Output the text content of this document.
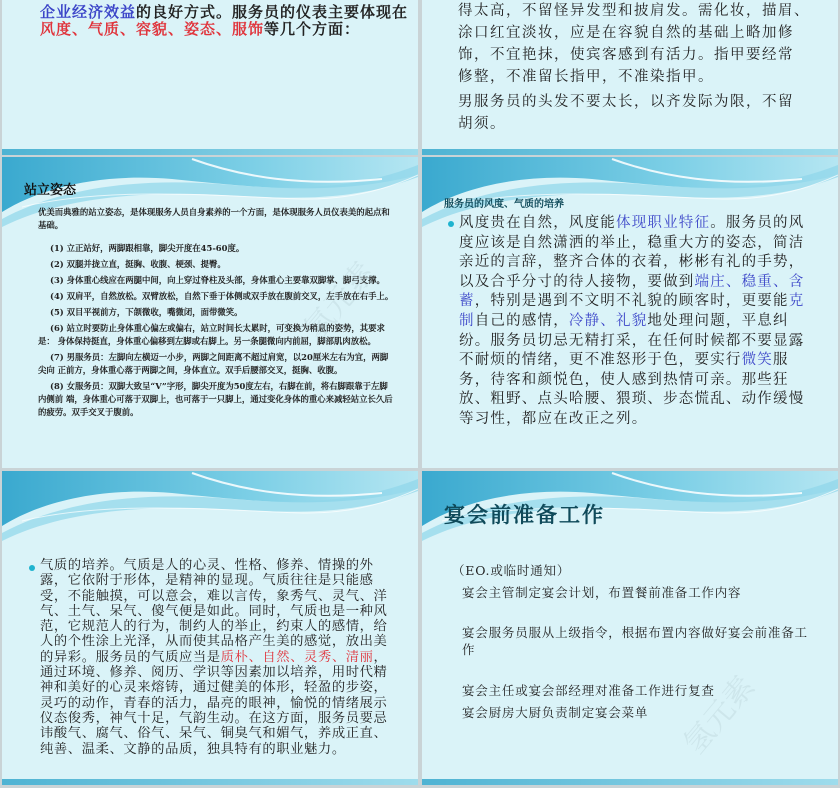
企业经济效益的良好方式。服务员的仪表主要体现在
风度、气质、容貌、姿态、服饰等几个方面：
得太高，不留怪异发型和披肩发。需化妆，描眉、
涂口红宜淡妆，应是在容貌自然的基础上略加修
饰，不宜艳抹，使宾客感到有活力。指甲要经常
修整，不准留长指甲，不准染指甲。
男服务员的头发不要太长，以齐发际为限，不留
胡须。
站立姿态

优美而典雅的站立姿态，是体现服务人员自身素养的一个方面，是体现服务人员仪表美的起点和基础。

(1) 立正站好，两脚跟相靠，脚尖开度在45-60度。

(2) 双腿并拢立直，挺胸、收腹、梗颈、提臀。

(3) 身体重心线应在两腿中间，向上穿过脊柱及头部，身体重心主要靠双脚掌、脚弓支撑。

(4) 双肩平，自然放松。双臂放松，自然下垂于体侧或双手放在腹前交叉，左手放在右手上。

(5) 双目平视前方，下颌微收，嘴微闭，面带微笑。

(6) 站立时要防止身体重心偏左或偏右，站立时间长太累时，可变换为稍息的姿势，其要求是： 身体保持挺直，身体重心偏移到左脚或右脚上。另一条腿微向内前屈，脚部肌肉放松。

(7) 男服务员：左脚向左横迈一小步，两脚之间距离不超过肩宽，以20厘米左右为宜，两脚尖向 正前方，身体重心落于两脚之间，身体直立。双手后腰部交叉，挺胸、收腹。

(8) 女服务员：双脚大致呈“V”字形，脚尖开度为50度左右，右脚在前，将右脚跟靠于左脚内侧前 端，身体重心可落于双脚上，也可落于一只脚上，通过变化身体的重心来减轻站立长久后 的疲劳。双手交叉于腹前。

氢元素
服务员的风度、气质的培养
风度贵在自然，风度能体现职业特征。服务员的风度应该是自然潇洒的举止，稳重大方的姿态，简洁亲近的言辞，整齐合体的衣着，彬彬有礼的手势，以及合乎分寸的待人接物，要做到端庄、稳重、含蓄，特别是遇到不文明不礼貌的顾客时，更要能克制自己的感情，冷静、礼貌地处理问题，平息纠纷。服务员切忌无精打采，在任何时候都不要显露不耐烦的情绪，更不准怒形于色，要实行微笑服务，待客和颜悦色，使人感到热情可亲。那些狂放、粗野、点头哈腰、猥琐、步态慌乱、动作缓慢等习性，都应在改正之列。
气质的培养。气质是人的心灵、性格、修养、情操的外露，它依附于形体，是精神的显现。气质往往是只能感受，不能触摸，可以意会，难以言传，象秀气、灵气、洋气、土气、呆气、傻气便是如此。同时，气质也是一种风范，它规范人的行为，制约人的举止，约束人的感情，给人的个性涂上光泽，从而使其品格产生美的感觉，放出美的异彩。服务员的气质应当是质朴、自然、灵秀、清丽，通过环境、修养、阅历、学识等因素加以培养，用时代精神和美好的心灵来熔铸，通过健美的体形，轻盈的步姿，灵巧的动作，青春的活力，晶亮的眼神，愉悦的情绪展示仪态俊秀，神气十足，气韵生动。在这方面，服务员要忌讳酸气、腐气、俗气、呆气、铜臭气和媚气，养成正直、纯善、温柔、文静的品质，独具特有的职业魅力。
宴会前准备工作
（EO.或临时通知）
宴会主管制定宴会计划，布置餐前准备工作内容
宴会服务员服从上级指令，根据布置内容做好宴会前准备工作
宴会主任或宴会部经理对准备工作进行复查
宴会厨房大厨负责制定宴会菜单 氢元素
